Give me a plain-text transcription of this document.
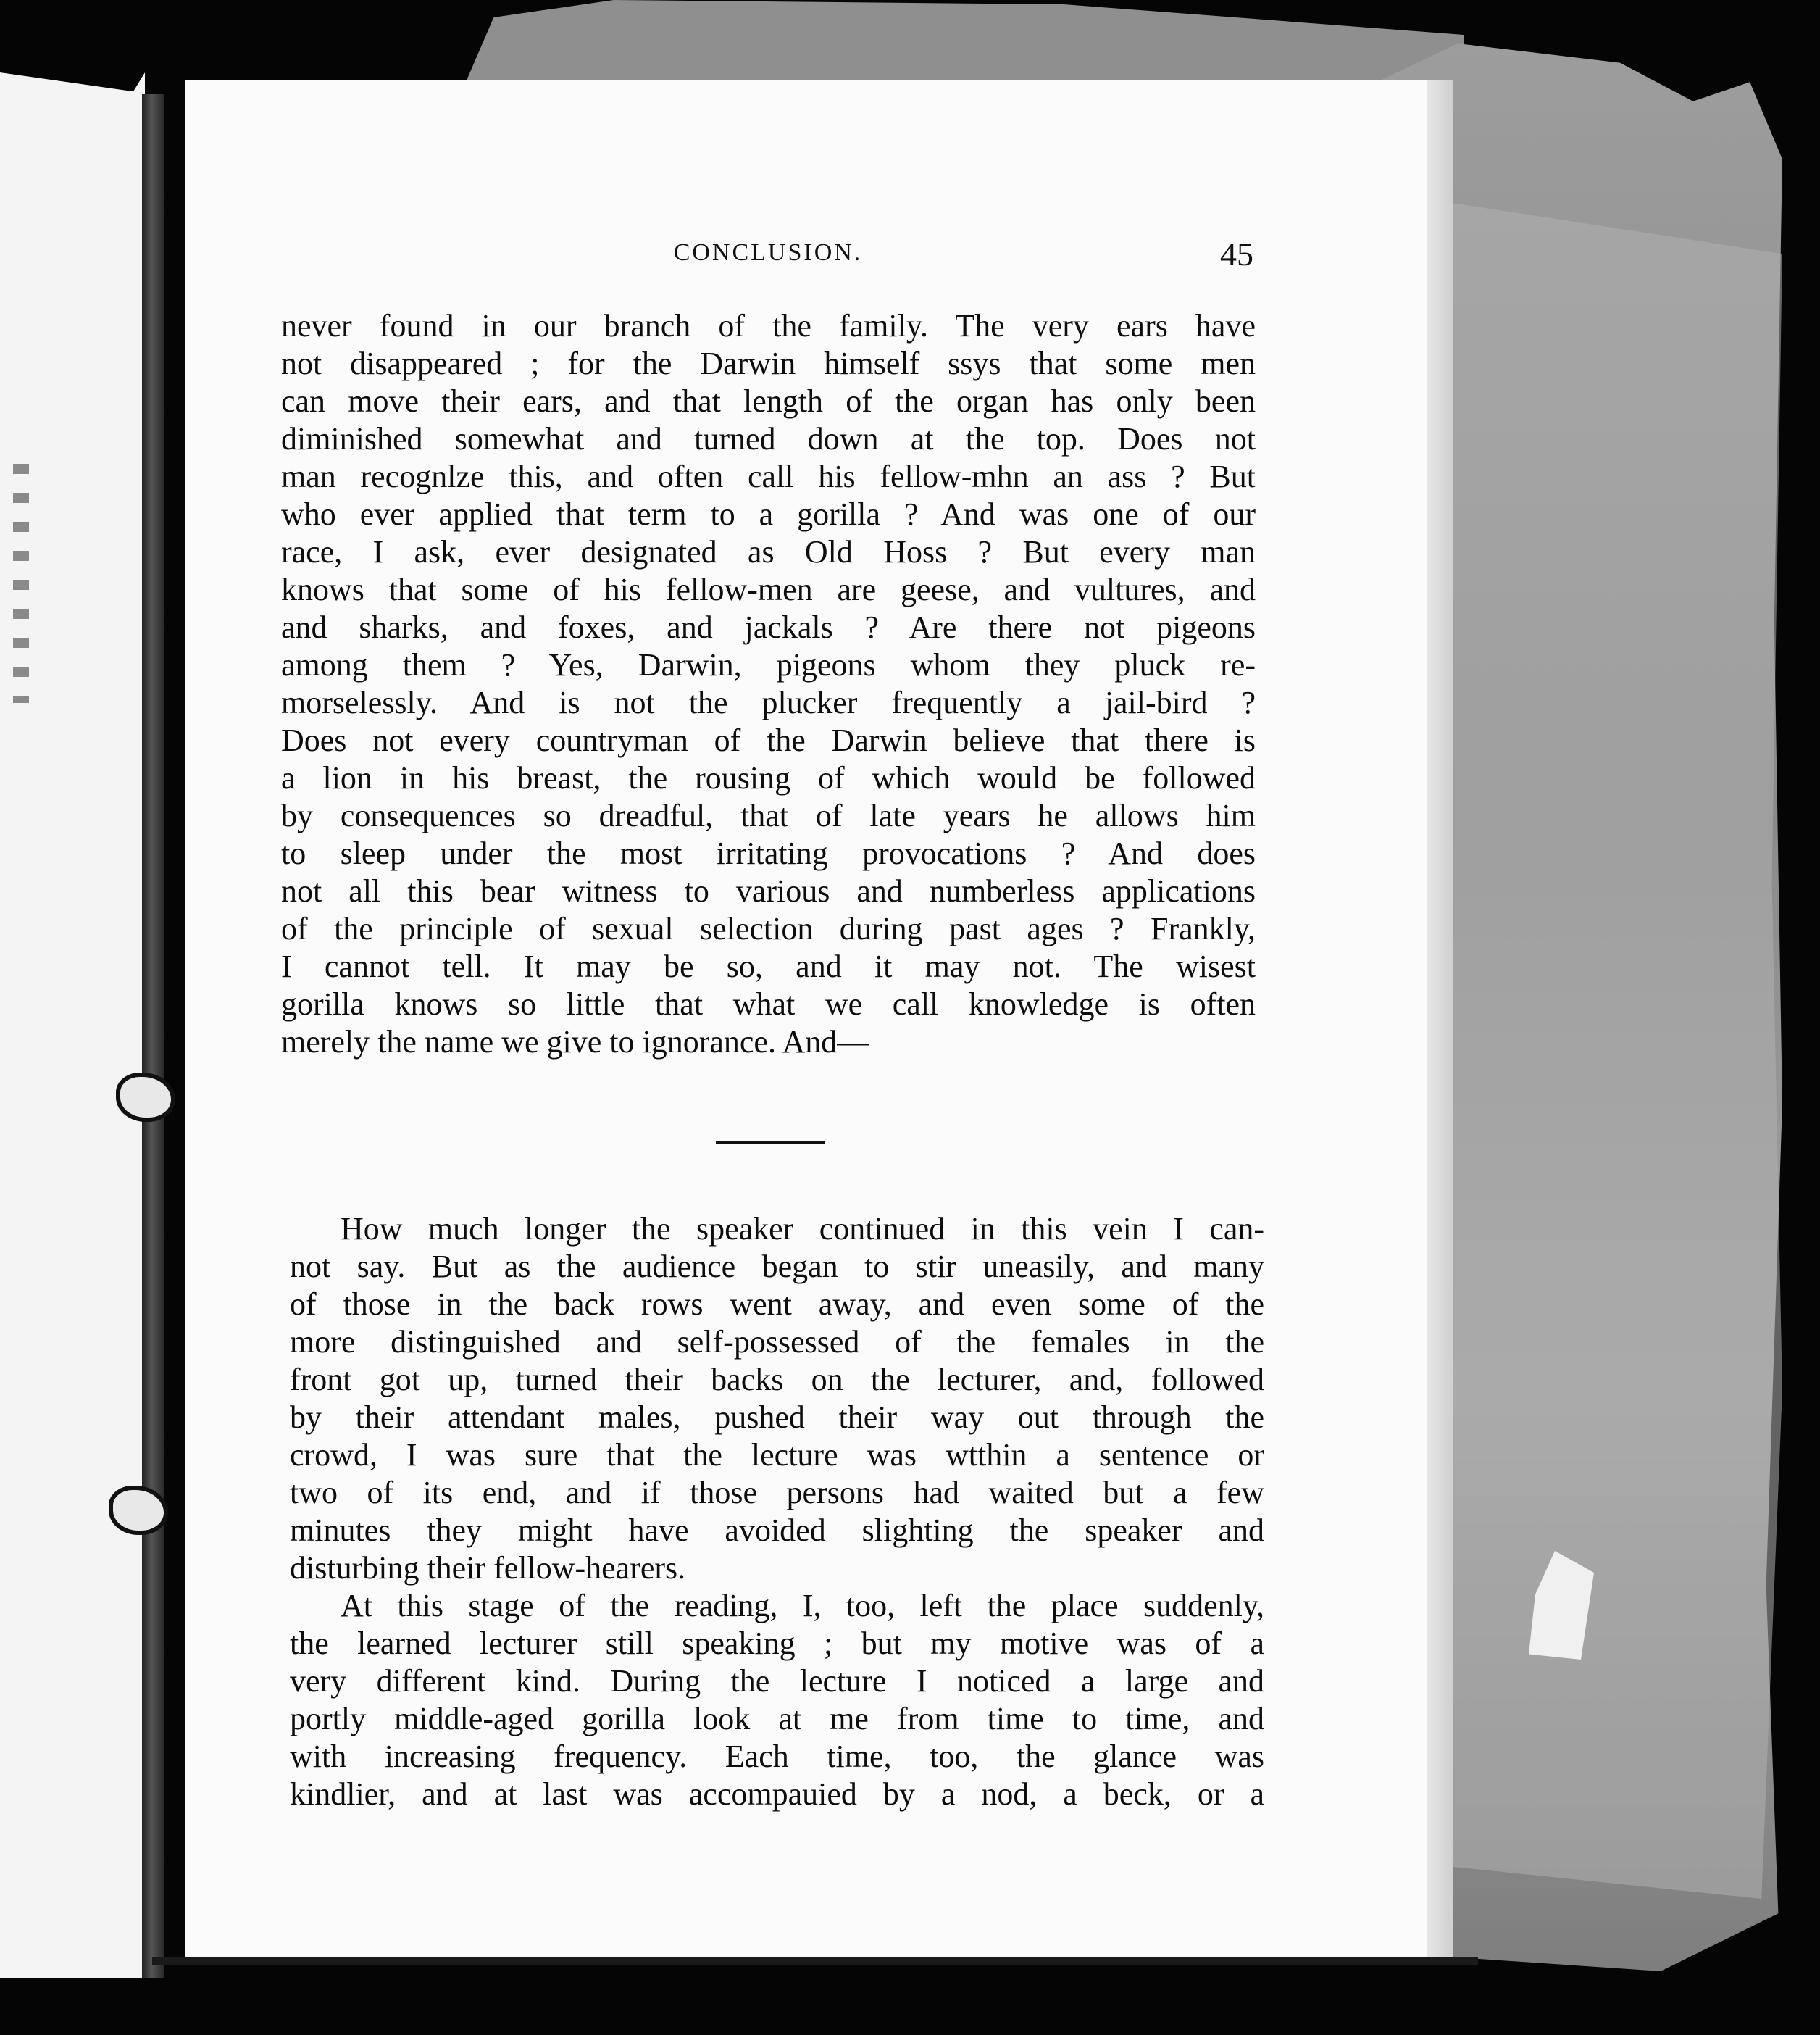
CONCLUSION.	45
never found in our branch of the family. The very ears have
not disappeared ; for the Darwin himself ssys that some men
can move their ears, and that length of the organ has only been
diminished somewhat and turned down at the top. Does not
man recognlze this, and often call his fellow-mhn an ass ? But
who ever applied that term to a gorilla ? And was one of our
race, I ask, ever designated as Old Hoss ? But every man
knows that some of his fellow-men are geese, and vultures, and
and sharks, and foxes, and jackals ? Are there not pigeons
among them ? Yes, Darwin, pigeons whom they pluck re-
morselessly. And is not the plucker frequently a jail-bird ?
Does not every countryman of the Darwin believe that there is
a lion in his breast, the rousing of which would be followed
by consequences so dreadful, that of late years he allows him
to sleep under the most irritating provocations ? And does
not all this bear witness to various and numberless applications
of the principle of sexual selection during past ages ? Frankly,
I cannot tell. It may be so, and it may not. The wisest
gorilla knows so little that what we call knowledge is often
merely the name we give to ignorance. And—
How much longer the speaker continued in this vein I can-
not say. But as the audience began to stir uneasily, and many
of those in the back rows went away, and even some of the
more distinguished and self-possessed of the females in the
front got up, turned their backs on the lecturer, and, followed
by their attendant males, pushed their way out through the
crowd, I was sure that the lecture was wtthin a sentence or
two of its end, and if those persons had waited but a few
minutes they might have avoided slighting the speaker and
disturbing their fellow-hearers.
At this stage of the reading, I, too, left the place suddenly,
the learned lecturer still speaking ; but my motive was of a
very different kind. During the lecture I noticed a large and
portly middle-aged gorilla look at me from time to time, and
with increasing frequency. Each time, too, the glance was
kindlier, and at last was accompauied by a nod, a beck, or a
